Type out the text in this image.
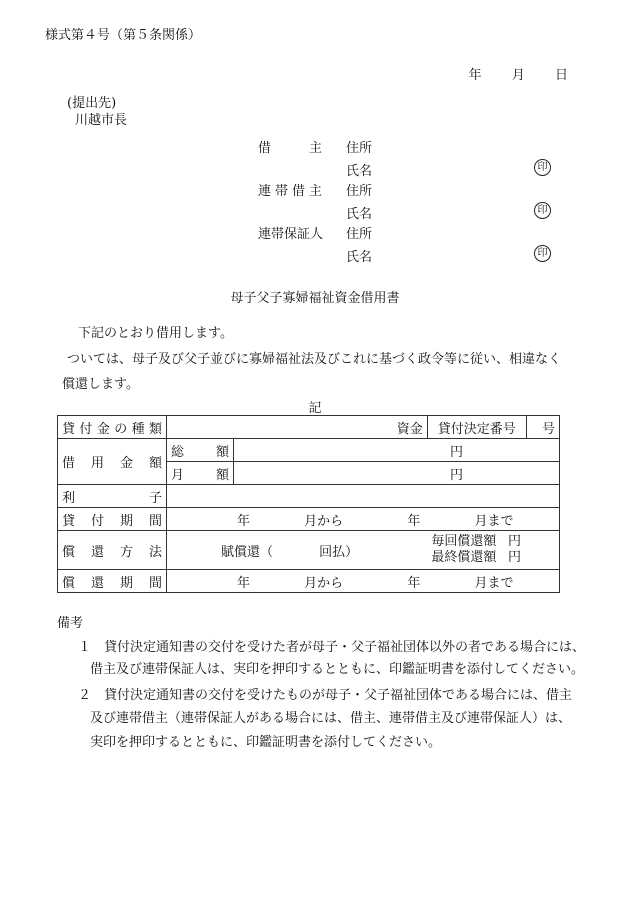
様式第４号（第５条関係）
年 月 日
(提出先)
川越市長
借　　主 住所
氏名	印
連帯借主 住所
氏名	印
連帯保証人 住所
氏名	印
母子父子寡婦福祉資金借用書
下記のとおり借用します。
ついては、母子及び父子並びに寡婦福祉法及びこれに基づく政令等に従い、相違なく
償還します。
記
貸付金の種類	資金		貸付決定番号	号
借用金額	総額	円		
	月額	円		
利子				
貸付期間	年 月から 年 月まで			
償還方法	賦償還（ 回払）		毎回償還額 円
最終償還額 円	

償還期間	年 月から 年 月まで			
備考
１　貸付決定通知書の交付を受けた者が母子・父子福祉団体以外の者である場合には、
借主及び連帯保証人は、実印を押印するとともに、印鑑証明書を添付してください。
２　貸付決定通知書の交付を受けたものが母子・父子福祉団体である場合には、借主
及び連帯借主（連帯保証人がある場合には、借主、連帯借主及び連帯保証人）は、
実印を押印するとともに、印鑑証明書を添付してください。
